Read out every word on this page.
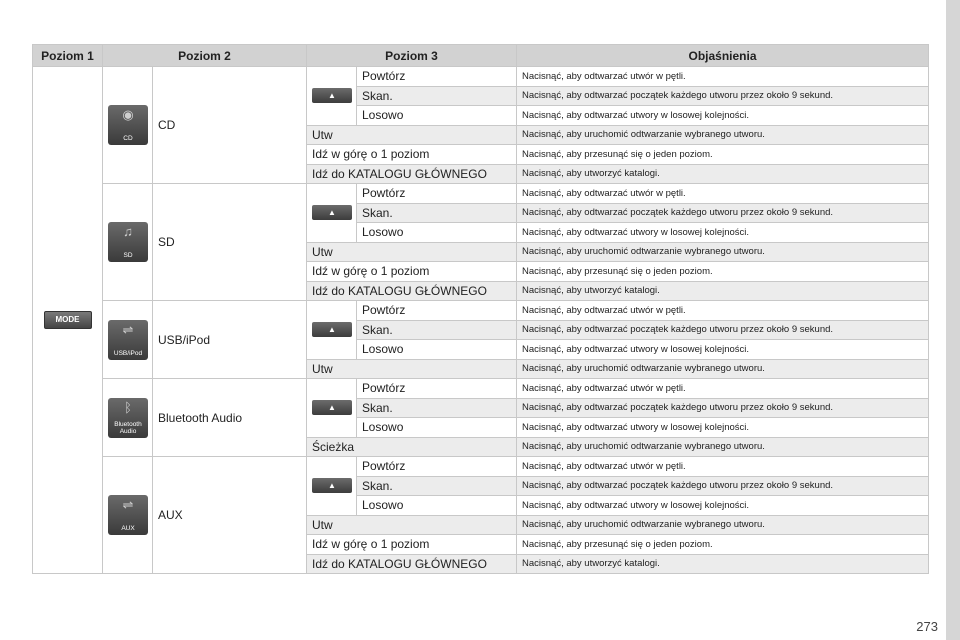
Poziom 1	Poziom 2		Poziom 3		Objaśnienia

MODE	◉
CD	CD	▲	Powtórz	Nacisnąć, aby odtwarzać utwór w pętli.
				Skan.	Nacisnąć, aby odtwarzać początek każdego utworu przez około 9 sekund.
				Losowo	Nacisnąć, aby odtwarzać utwory w losowej kolejności.
			Utw		Nacisnąć, aby uruchomić odtwarzanie wybranego utworu.
			Idź w górę o 1 poziom		Nacisnąć, aby przesunąć się o jeden poziom.
			Idź do KATALOGU GŁÓWNEGO		Nacisnąć, aby utworzyć katalogi.

	♫
SD	SD	▲	Powtórz	Nacisnąć, aby odtwarzać utwór w pętli.
				Skan.	Nacisnąć, aby odtwarzać początek każdego utworu przez około 9 sekund.
				Losowo	Nacisnąć, aby odtwarzać utwory w losowej kolejności.
			Utw		Nacisnąć, aby uruchomić odtwarzanie wybranego utworu.
			Idź w górę o 1 poziom		Nacisnąć, aby przesunąć się o jeden poziom.
			Idź do KATALOGU GŁÓWNEGO		Nacisnąć, aby utworzyć katalogi.

	⇌
USB/iPod	USB/iPod	▲	Powtórz	Nacisnąć, aby odtwarzać utwór w pętli.
				Skan.	Nacisnąć, aby odtwarzać początek każdego utworu przez około 9 sekund.
				Losowo	Nacisnąć, aby odtwarzać utwory w losowej kolejności.
			Utw		Nacisnąć, aby uruchomić odtwarzanie wybranego utworu.

	ᛒ
Bluetooth Audio	Bluetooth Audio	▲	Powtórz	Nacisnąć, aby odtwarzać utwór w pętli.
				Skan.	Nacisnąć, aby odtwarzać początek każdego utworu przez około 9 sekund.
				Losowo	Nacisnąć, aby odtwarzać utwory w losowej kolejności.
			Ścieżka		Nacisnąć, aby uruchomić odtwarzanie wybranego utworu.

	⇌
AUX	AUX	▲	Powtórz	Nacisnąć, aby odtwarzać utwór w pętli.
				Skan.	Nacisnąć, aby odtwarzać początek każdego utworu przez około 9 sekund.
				Losowo	Nacisnąć, aby odtwarzać utwory w losowej kolejności.
			Utw		Nacisnąć, aby uruchomić odtwarzanie wybranego utworu.
			Idź w górę o 1 poziom		Nacisnąć, aby przesunąć się o jeden poziom.
			Idź do KATALOGU GŁÓWNEGO		Nacisnąć, aby utworzyć katalogi.
273
